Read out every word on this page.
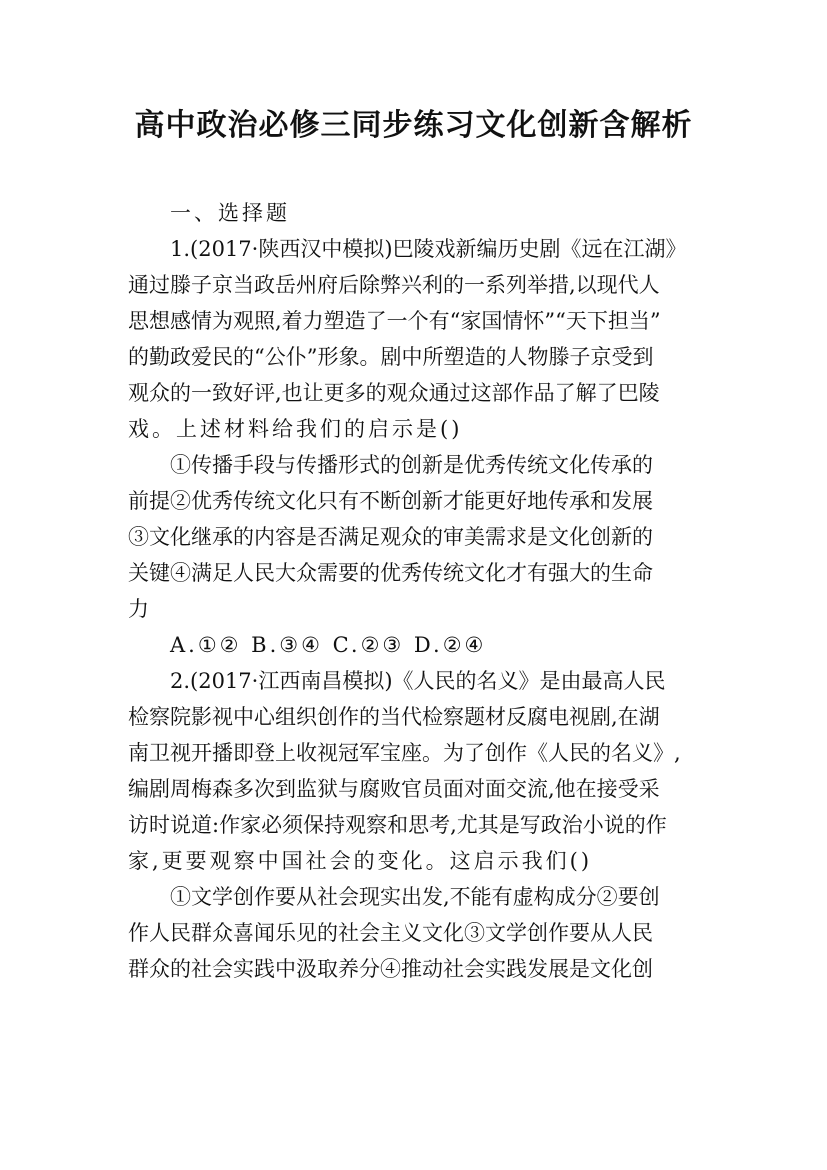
高中政治必修三同步练习文化创新含解析
一、选择题
1.(2017·陕西汉中模拟)巴陵戏新编历史剧《远在江湖》
通过滕子京当政岳州府后除弊兴利的一系列举措,以现代人
思想感情为观照,着力塑造了一个有“家国情怀”“天下担当”
的勤政爱民的“公仆”形象。剧中所塑造的人物滕子京受到
观众的一致好评,也让更多的观众通过这部作品了解了巴陵
戏。上述材料给我们的启示是()
①传播手段与传播形式的创新是优秀传统文化传承的
前提②优秀传统文化只有不断创新才能更好地传承和发展
③文化继承的内容是否满足观众的审美需求是文化创新的
关键④满足人民大众需要的优秀传统文化才有强大的生命
力
A.①② B.③④ C.②③ D.②④
2.(2017·江西南昌模拟)《人民的名义》是由最高人民
检察院影视中心组织创作的当代检察题材反腐电视剧,在湖
南卫视开播即登上收视冠军宝座。为了创作《人民的名义》,
编剧周梅森多次到监狱与腐败官员面对面交流,他在接受采
访时说道:作家必须保持观察和思考,尤其是写政治小说的作
家,更要观察中国社会的变化。这启示我们()
①文学创作要从社会现实出发,不能有虚构成分②要创
作人民群众喜闻乐见的社会主义文化③文学创作要从人民
群众的社会实践中汲取养分④推动社会实践发展是文化创
